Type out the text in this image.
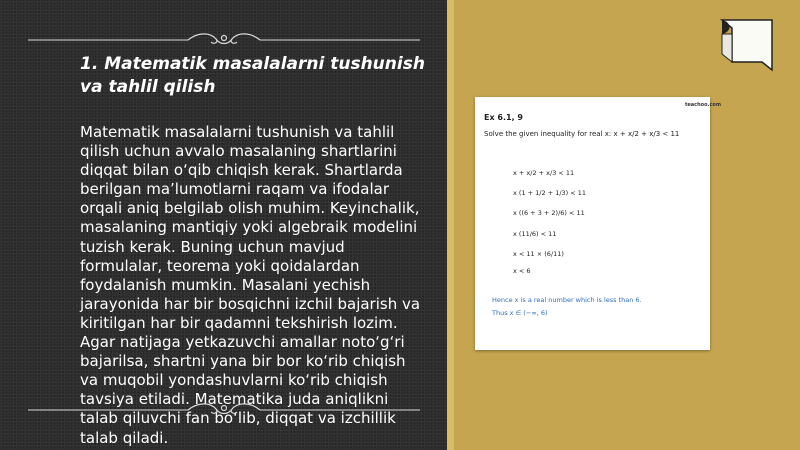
1. Matematik masalalarni tushunish va tahlil qilish

Matematik masalalarni tushunish va tahlil qilish uchun avvalo masalaning shartlarini diqqat bilan o‘qib chiqish kerak. Shartlarda berilgan ma’lumotlarni raqam va ifodalar orqali aniq belgilab olish muhim. Keyinchalik, masalaning mantiqiy yoki algebraik modelini tuzish kerak. Buning uchun mavjud formulalar, teorema yoki qoidalardan foydalanish mumkin. Masalani yechish jarayonida har bir bosqichni izchil bajarish va kiritilgan har bir qadamni tekshirish lozim. Agar natijaga yetkazuvchi amallar noto‘g‘ri bajarilsa, shartni yana bir bor ko‘rib chiqish va muqobil yondashuvlarni ko‘rib chiqish tavsiya etiladi. Matematika juda aniqlikni talab qiluvchi fan bo‘lib, diqqat va izchillik talab qiladi.

teachoo.com
Ex 6.1, 9
Solve the given inequality for real x: x + x/2 + x/3 < 11
x + x/2 + x/3 < 11
x (1 + 1/2 + 1/3) < 11
x ((6 + 3 + 2)/6) < 11
x (11/6) < 11
x < 11 × (6/11)
x < 6
Hence x is a real number which is less than 6.
Thus x ∈ (−∞, 6)
